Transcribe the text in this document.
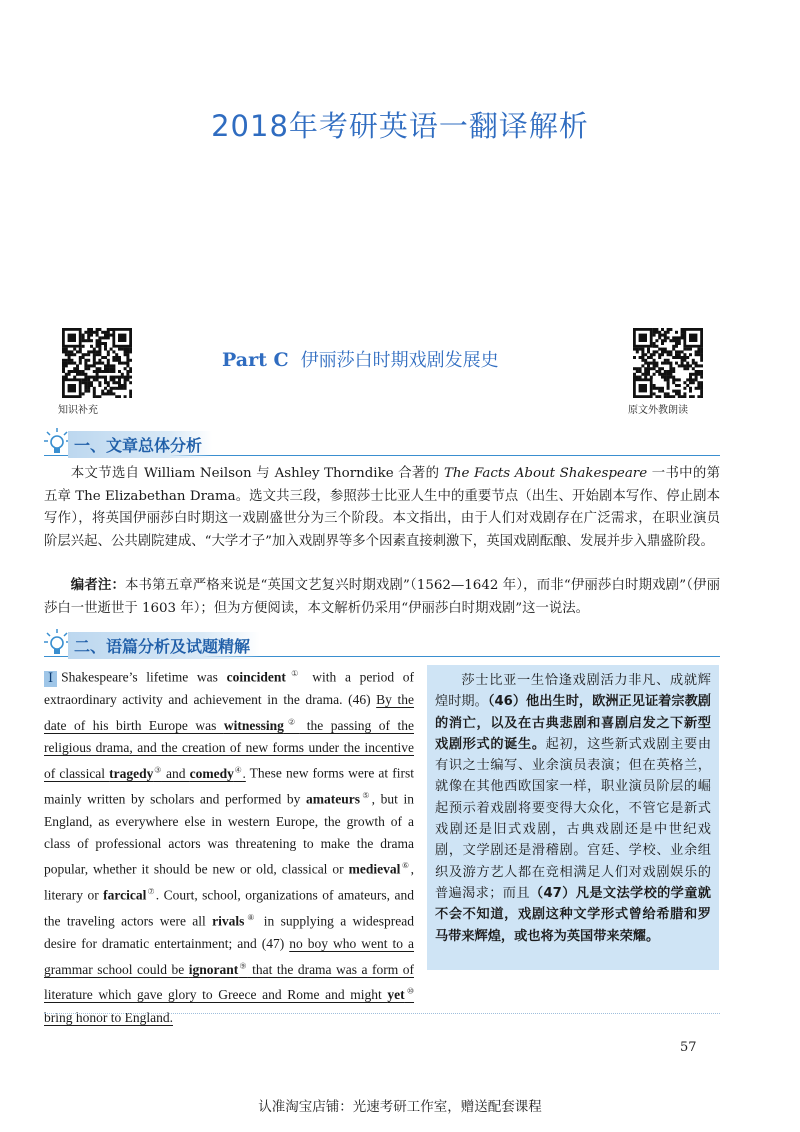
2018年考研英语一翻译解析
知识补充
Part C 伊丽莎白时期戏剧发展史
原文外教朗读
一、文章总体分析
本文节选自 William Neilson 与 Ashley Thorndike 合著的 The Facts About Shakespeare 一书中的第五章 The Elizabethan Drama。选文共三段，参照莎士比亚人生中的重要节点（出生、开始剧本写作、停止剧本写作），将英国伊丽莎白时期这一戏剧盛世分为三个阶段。本文指出，由于人们对戏剧存在广泛需求，在职业演员阶层兴起、公共剧院建成、“大学才子”加入戏剧界等多个因素直接刺激下，英国戏剧酝酿、发展并步入鼎盛阶段。
编者注：本书第五章严格来说是“英国文艺复兴时期戏剧”（1562—1642 年），而非“伊丽莎白时期戏剧”（伊丽莎白一世逝世于 1603 年）；但为方便阅读，本文解析仍采用“伊丽莎白时期戏剧”这一说法。
二、语篇分析及试题精解
I Shakespeare’s lifetime was coincident① with a period of extraordinary activity and achievement in the drama. (46) By the date of his birth Europe was witnessing② the passing of the religious drama, and the creation of new forms under the incentive of classical tragedy③ and comedy④. These new forms were at first mainly written by scholars and performed by amateurs⑤, but in England, as everywhere else in western Europe, the growth of a class of professional actors was threatening to make the drama popular, whether it should be new or old, classical or medieval⑥, literary or farcical⑦. Court, school, organizations of amateurs, and the traveling actors were all rivals⑧ in supplying a widespread desire for dramatic entertainment; and (47) no boy who went to a grammar school could be ignorant⑨ that the drama was a form of literature which gave glory to Greece and Rome and might yet⑩ bring honor to England.

莎士比亚一生恰逢戏剧活力非凡、成就辉煌时期。（46）他出生时，欧洲正见证着宗教剧的消亡，以及在古典悲剧和喜剧启发之下新型戏剧形式的诞生。起初，这些新式戏剧主要由有识之士编写、业余演员表演；但在英格兰，就像在其他西欧国家一样，职业演员阶层的崛起预示着戏剧将要变得大众化，不管它是新式戏剧还是旧式戏剧，古典戏剧还是中世纪戏剧，文学剧还是滑稽剧。宫廷、学校、业余组织及游方艺人都在竞相满足人们对戏剧娱乐的普遍渴求；而且（47）凡是文法学校的学童就不会不知道，戏剧这种文学形式曾给希腊和罗马带来辉煌，或也将为英国带来荣耀。

57
认准淘宝店铺：光速考研工作室，赠送配套课程
